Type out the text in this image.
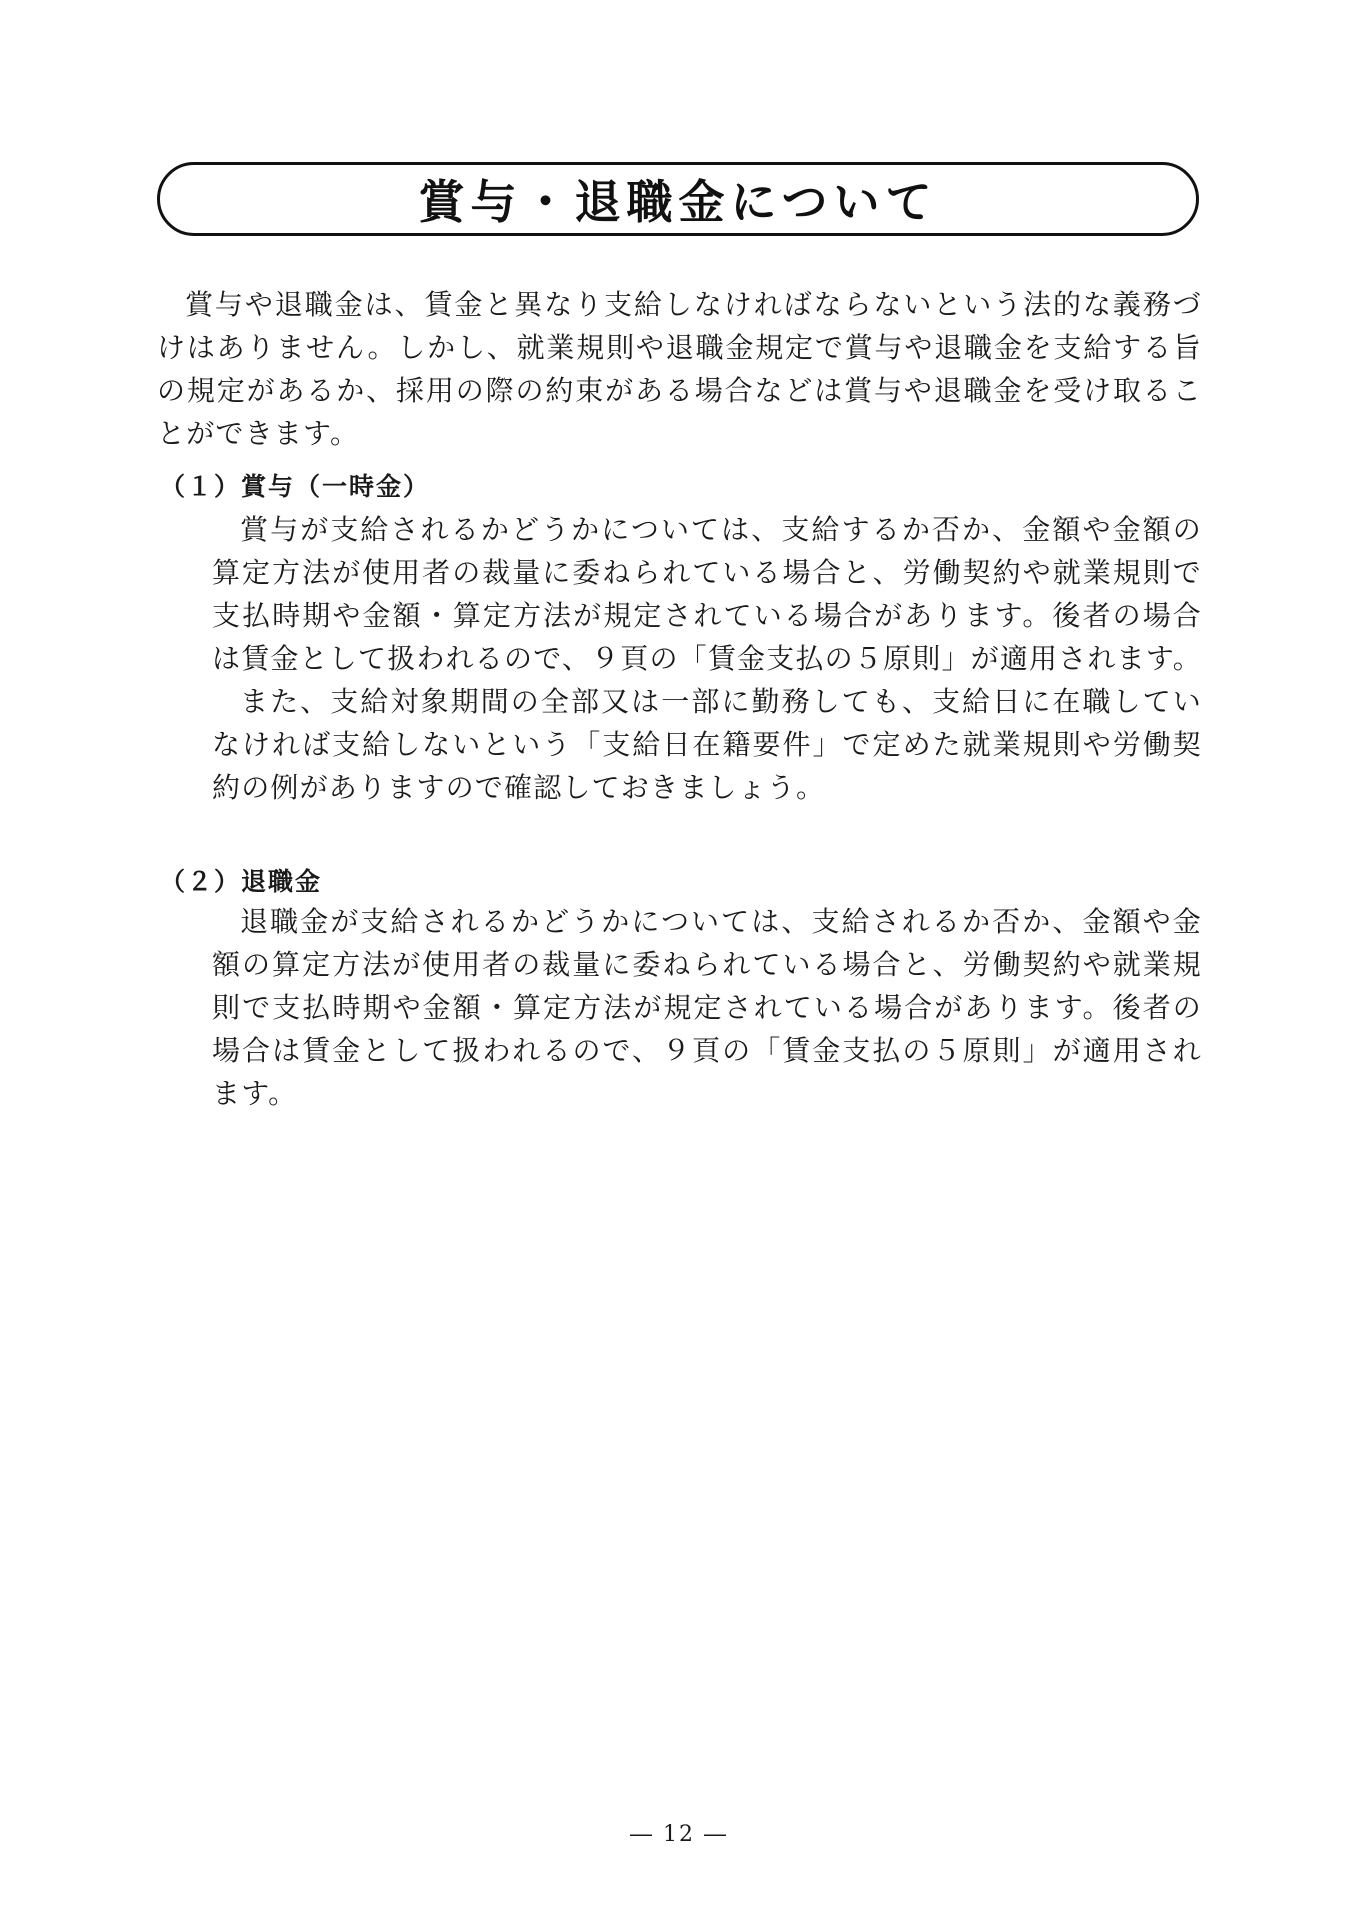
賞与・退職金について

賞与や退職金は、賃金と異なり支給しなければならないという法的な義務づけはありません。しかし、就業規則や退職金規定で賞与や退職金を支給する旨の規定があるか、採用の際の約束がある場合などは賞与や退職金を受け取ることができます。

（１）賞与（一時金）

賞与が支給されるかどうかについては、支給するか否か、金額や金額の算定方法が使用者の裁量に委ねられている場合と、労働契約や就業規則で支払時期や金額・算定方法が規定されている場合があります。後者の場合は賃金として扱われるので、９頁の「賃金支払の５原則」が適用されます。

また、支給対象期間の全部又は一部に勤務しても、支給日に在職していなければ支給しないという「支給日在籍要件」で定めた就業規則や労働契約の例がありますので確認しておきましょう。

（２）退職金

退職金が支給されるかどうかについては、支給されるか否か、金額や金額の算定方法が使用者の裁量に委ねられている場合と、労働契約や就業規則で支払時期や金額・算定方法が規定されている場合があります。後者の場合は賃金として扱われるので、９頁の「賃金支払の５原則」が適用されます。

― 12 ―
